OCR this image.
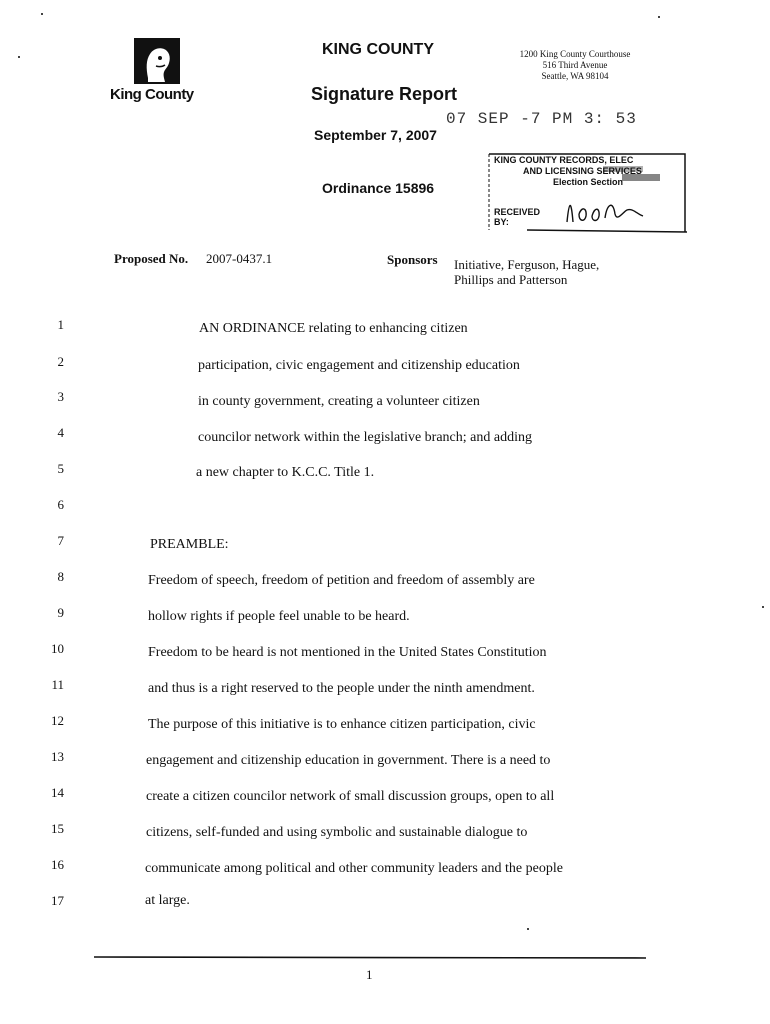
King County
KING COUNTY	1200 King County Courthouse
516 Third Avenue
Seattle, WA 98104
Signature Report
September 7, 2007
07 SEP -7 PM 3: 53
Ordinance 15896
KING COUNTY RECORDS, ELEC
AND LICENSING SERVICES
Election Section
RECEIVED
BY:
Proposed No. 2007-0437.1	Sponsors Initiative, Ferguson, Hague,
Phillips and Patterson
1	AN ORDINANCE relating to enhancing citizen
2	participation, civic engagement and citizenship education
3	in county government, creating a volunteer citizen
4	councilor network within the legislative branch; and adding
5	a new chapter to K.C.C. Title 1.
6
7	PREAMBLE:
8	Freedom of speech, freedom of petition and freedom of assembly are
9	hollow rights if people feel unable to be heard.
10	Freedom to be heard is not mentioned in the United States Constitution
11	and thus is a right reserved to the people under the ninth amendment.
12	The purpose of this initiative is to enhance citizen participation, civic
13	engagement and citizenship education in government. There is a need to
14	create a citizen councilor network of small discussion groups, open to all
15	citizens, self-funded and using symbolic and sustainable dialogue to
16	communicate among political and other community leaders and the people
17	at large.
1
